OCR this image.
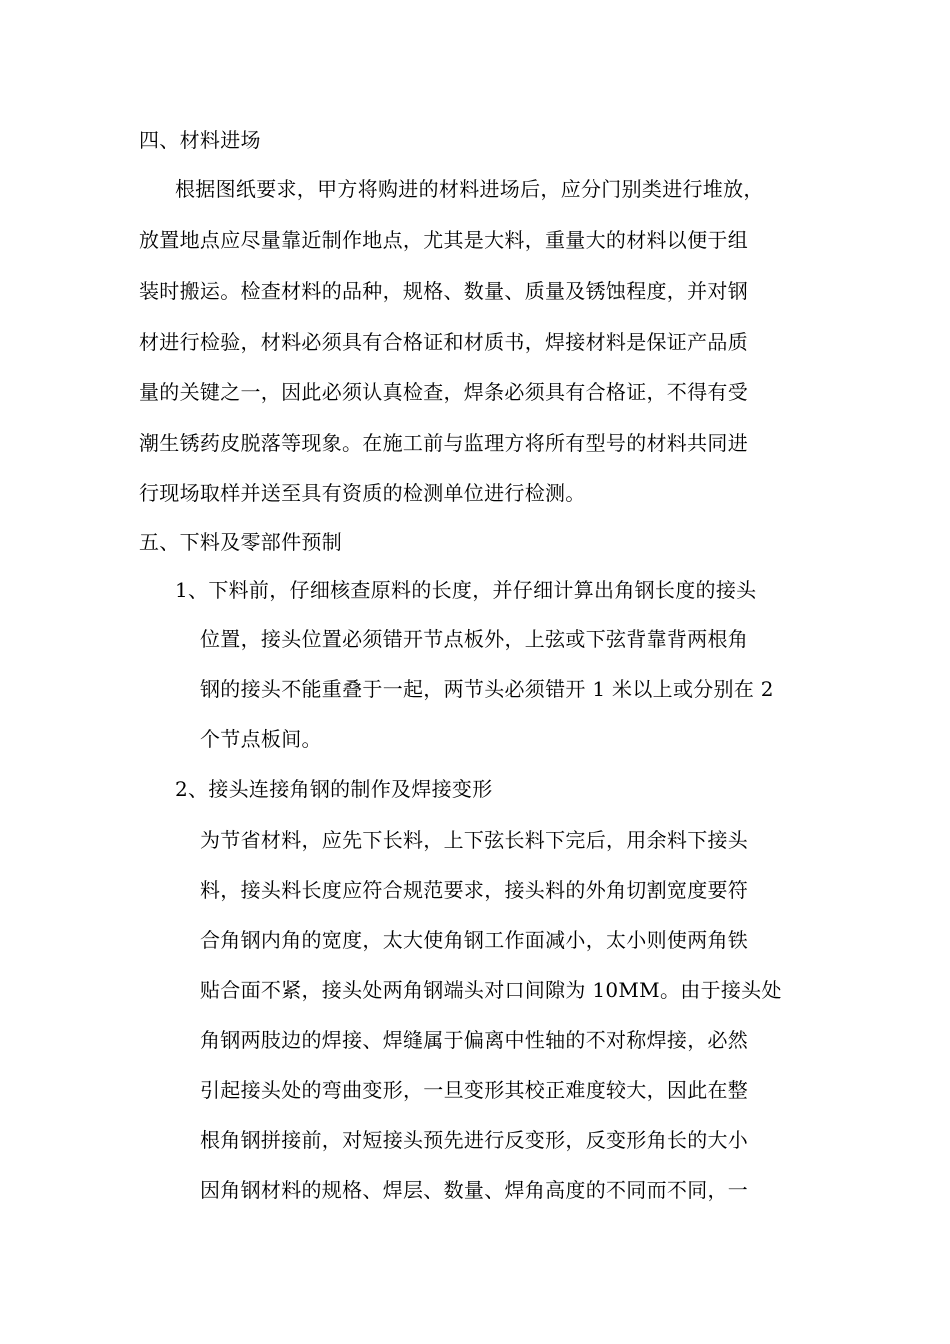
四、材料进场
根据图纸要求，甲方将购进的材料进场后，应分门别类进行堆放，
放置地点应尽量靠近制作地点，尤其是大料，重量大的材料以便于组
装时搬运。检查材料的品种，规格、数量、质量及锈蚀程度，并对钢
材进行检验，材料必须具有合格证和材质书，焊接材料是保证产品质
量的关键之一，因此必须认真检查，焊条必须具有合格证，不得有受
潮生锈药皮脱落等现象。在施工前与监理方将所有型号的材料共同进
行现场取样并送至具有资质的检测单位进行检测。
五、下料及零部件预制
1、下料前，仔细核查原料的长度，并仔细计算出角钢长度的接头
位置，接头位置必须错开节点板外，上弦或下弦背靠背两根角
钢的接头不能重叠于一起，两节头必须错开 1 米以上或分别在 2
个节点板间。
2、接头连接角钢的制作及焊接变形
为节省材料，应先下长料，上下弦长料下完后，用余料下接头
料，接头料长度应符合规范要求，接头料的外角切割宽度要符
合角钢内角的宽度，太大使角钢工作面减小，太小则使两角铁
贴合面不紧，接头处两角钢端头对口间隙为 10MM。由于接头处
角钢两肢边的焊接、焊缝属于偏离中性轴的不对称焊接，必然
引起接头处的弯曲变形，一旦变形其校正难度较大，因此在整
根角钢拼接前，对短接头预先进行反变形，反变形角长的大小
因角钢材料的规格、焊层、数量、焊角高度的不同而不同，一
